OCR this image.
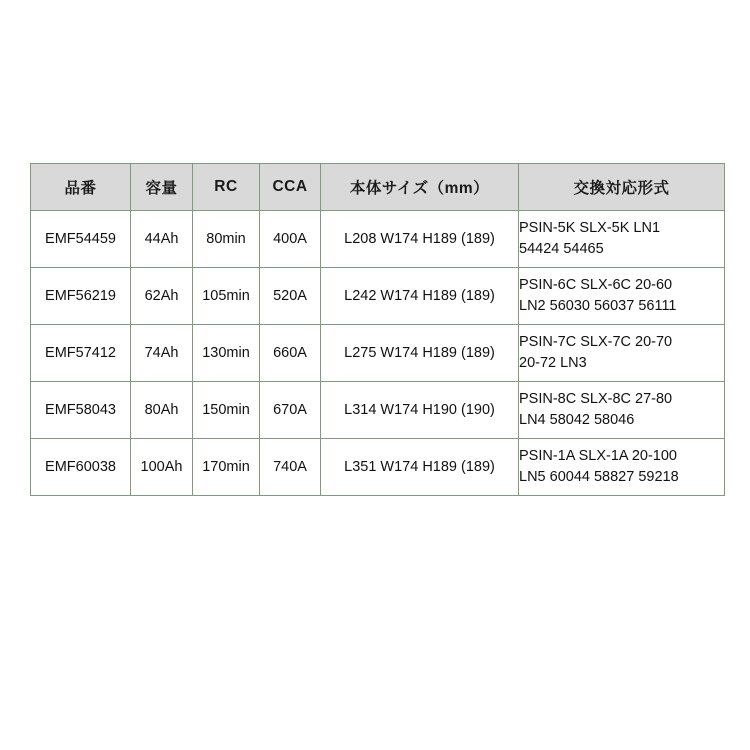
品番	容量	RC	CCA	本体サイズ（mm）	交換対応形式
EMF54459	44Ah	80min	400A	L208 W174 H189 (189)	PSIN-5K SLX-5K LN1
54424 54465

EMF56219	62Ah	105min	520A	L242 W174 H189 (189)	PSIN-6C SLX-6C 20-60
LN2 56030 56037 56111

EMF57412	74Ah	130min	660A	L275 W174 H189 (189)	PSIN-7C SLX-7C 20-70
20-72 LN3

EMF58043	80Ah	150min	670A	L314 W174 H190 (190)	PSIN-8C SLX-8C 27-80
LN4 58042 58046

EMF60038	100Ah	170min	740A	L351 W174 H189 (189)	PSIN-1A SLX-1A 20-100
LN5 60044 58827 59218
